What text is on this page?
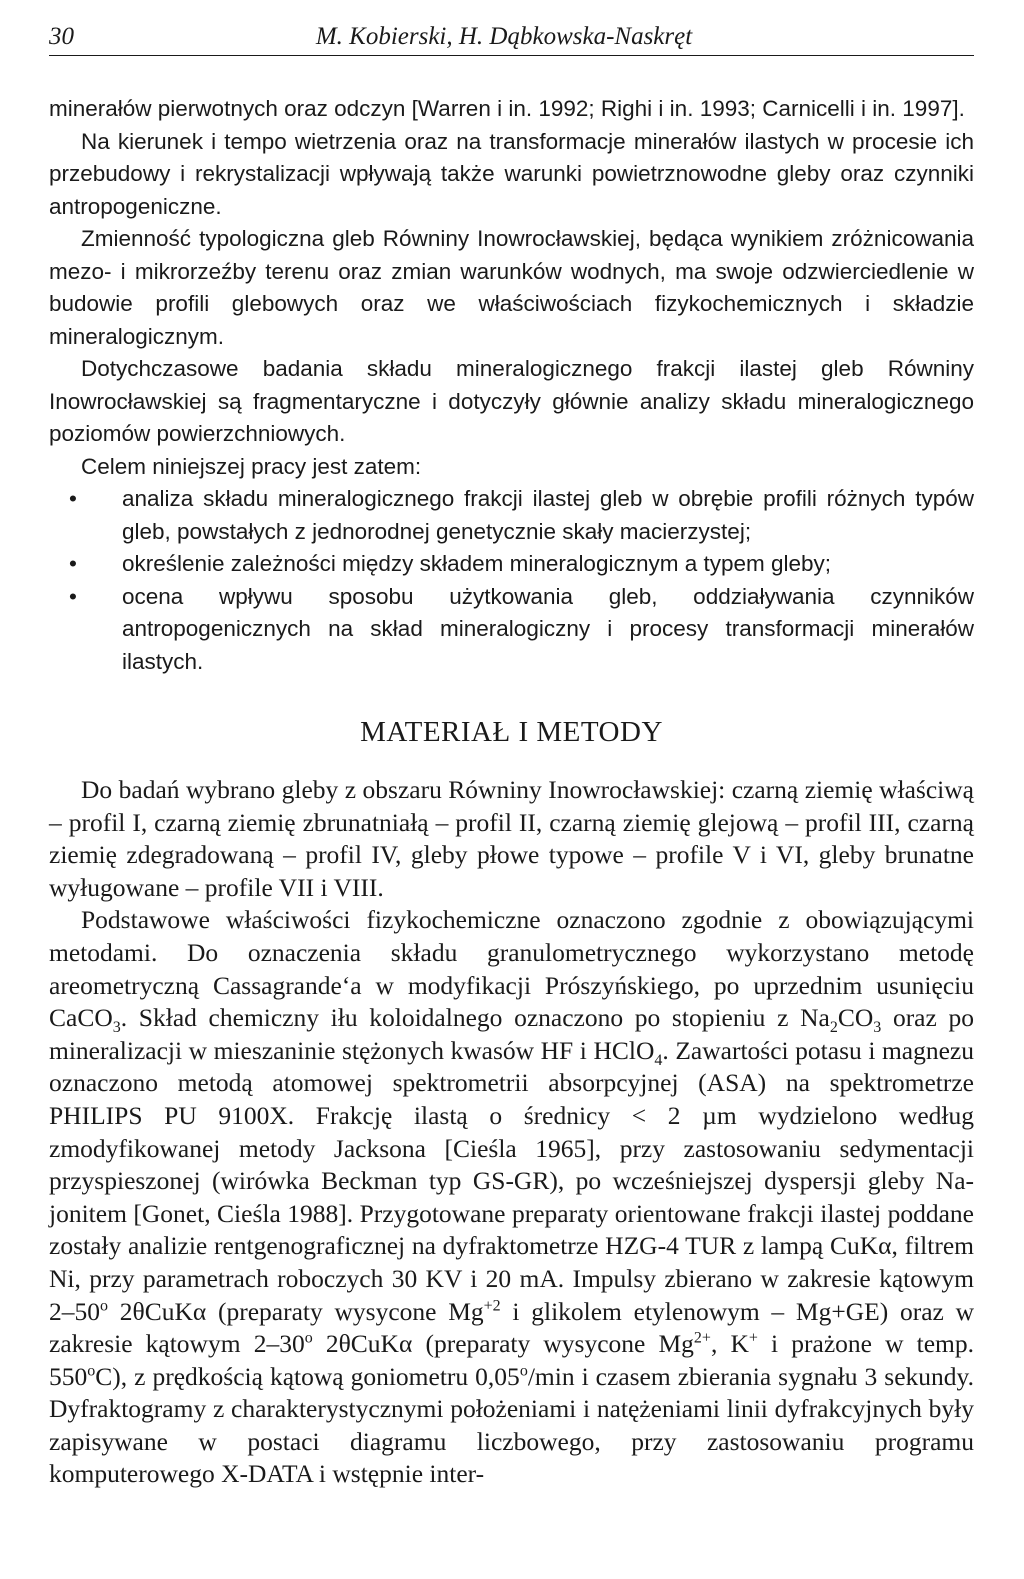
30	M. Kobierski, H. Dąbkowska-Naskręt

minerałów pierwotnych oraz odczyn [Warren i in. 1992; Righi i in. 1993; Carnicelli i in. 1997].

Na kierunek i tempo wietrzenia oraz na transformacje minerałów ilastych w procesie ich przebudowy i rekrystalizacji wpływają także warunki powietrznowodne gleby oraz czynniki antropogeniczne.

Zmienność typologiczna gleb Równiny Inowrocławskiej, będąca wynikiem zróżnicowania mezo- i mikrorzeźby terenu oraz zmian warunków wodnych, ma swoje odzwierciedlenie w budowie profili glebowych oraz we właściwościach fizykochemicznych i składzie mineralogicznym.

Dotychczasowe badania składu mineralogicznego frakcji ilastej gleb Równiny Inowrocławskiej są fragmentaryczne i dotyczyły głównie analizy składu mineralogicznego poziomów powierzchniowych.

Celem niniejszej pracy jest zatem:

• analiza składu mineralogicznego frakcji ilastej gleb w obrębie profili różnych typów gleb, powstałych z jednorodnej genetycznie skały macierzystej;
• określenie zależności między składem mineralogicznym a typem gleby;
• ocena wpływu sposobu użytkowania gleb, oddziaływania czynników antropogenicznych na skład mineralogiczny i procesy transformacji minerałów ilastych.
MATERIAŁ I METODY

Do badań wybrano gleby z obszaru Równiny Inowrocławskiej: czarną ziemię właściwą – profil I, czarną ziemię zbrunatniałą – profil II, czarną ziemię glejową – profil III, czarną ziemię zdegradowaną – profil IV, gleby płowe typowe – profile V i VI, gleby brunatne wyługowane – profile VII i VIII.

Podstawowe właściwości fizykochemiczne oznaczono zgodnie z obowiązującymi metodami. Do oznaczenia składu granulometrycznego wykorzystano metodę areometryczną Cassagrande‘a w modyfikacji Prószyńskiego, po uprzednim usunięciu CaCO$_3$. Skład chemiczny iłu koloidalnego oznaczono po stopieniu z $Na_2CO_3$ oraz po mineralizacji w mieszaninie stężonych kwasów HF i HClO$_4$. Zawartości potasu i magnezu oznaczono metodą atomowej spektrometrii absorpcyjnej (ASA) na spektrometrze PHILIPS PU 9100X. Frakcję ilastą o średnicy < 2 µm wydzielono według zmodyfikowanej metody Jacksona [Cieśla 1965], przy zastosowaniu sedymentacji przyspieszonej (wirówka Beckman typ GS-GR), po wcześniejszej dyspersji gleby Na-jonitem [Gonet, Cieśla 1988]. Przygotowane preparaty orientowane frakcji ilastej poddane zostały analizie rentgenograficznej na dyfraktometrze HZG-4 TUR z lampą CuKα, filtrem Ni, przy parametrach roboczych 30 KV i 20 mA. Impulsy zbierano w zakresie kątowym 2–50$^o$ 2θCuKα (preparaty wysycone $Mg^{+2}$ i glikolem etylenowym – Mg+GE) oraz w zakresie kątowym 2–30$^o$ 2θCuKα (preparaty wysycone $Mg^{2+}$, K+ i prażone w temp. 550$^o$C), z prędkością kątową goniometru 0,05$^o$/min i czasem zbierania sygnału 3 sekundy. Dyfraktogramy z charakterystycznymi położeniami i natężeniami linii dyfrakcyjnych były zapisywane w postaci diagramu liczbowego, przy zastosowaniu programu komputerowego X-DATA i wstępnie inter-
